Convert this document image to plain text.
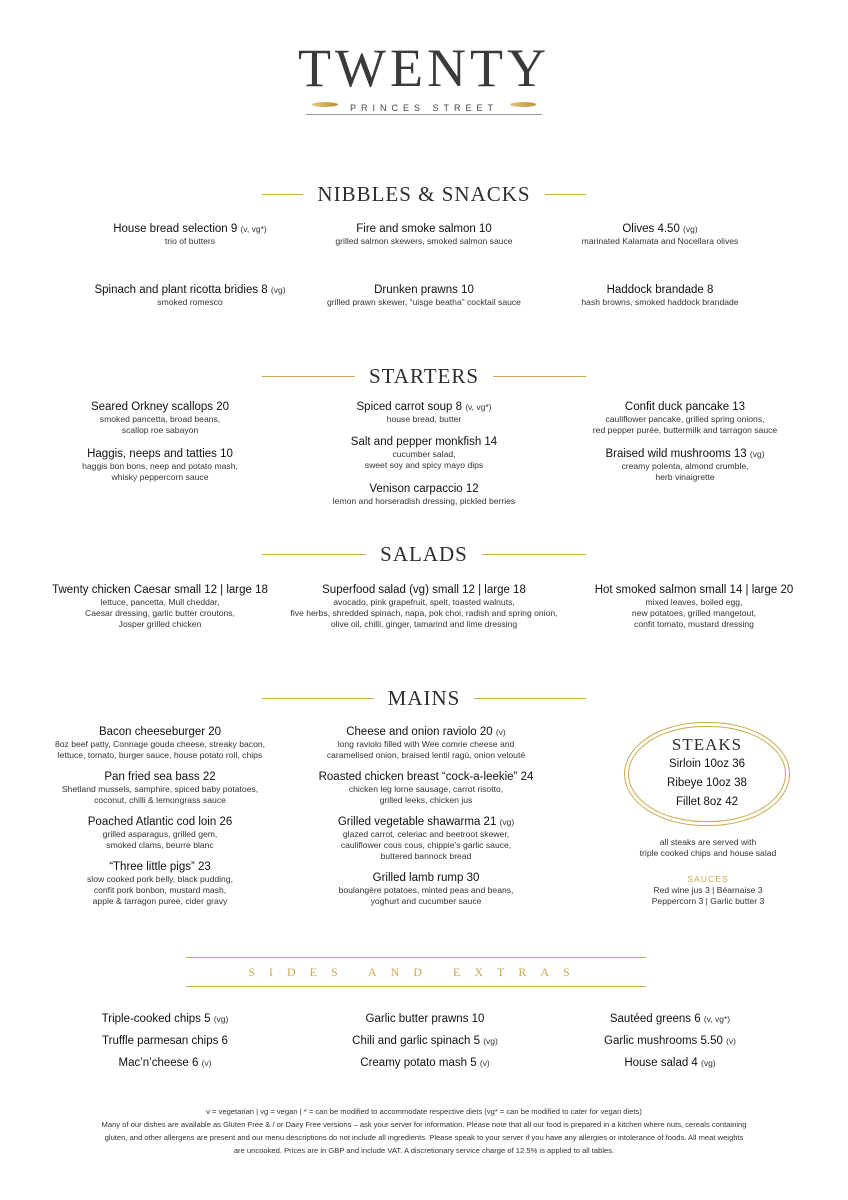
TWENTY
PRINCES STREET
NIBBLES & SNACKS
House bread selection 9 (v, vg*)
trio of butters
Fire and smoke salmon 10
grilled salmon skewers, smoked salmon sauce
Olives 4.50 (vg)
marinated Kalamata and Nocellara olives
Spinach and plant ricotta bridies 8 (vg)
smoked romesco
Drunken prawns 10
grilled prawn skewer, “uisge beatha” cocktail sauce
Haddock brandade 8
hash browns, smoked haddock brandade
STARTERS
Seared Orkney scallops 20
smoked pancetta, broad beans,
scallop roe sabayon
Haggis, neeps and tatties 10
haggis bon bons, neep and potato mash,
whisky peppercorn sauce
Spiced carrot soup 8 (v, vg*)
house bread, butter
Salt and pepper monkfish 14
cucumber salad,
sweet soy and spicy mayo dips
Venison carpaccio 12
lemon and horseradish dressing, pickled berries
Confit duck pancake 13
cauliflower pancake, grilled spring onions,
red pepper purée, buttermilk and tarragon sauce
Braised wild mushrooms 13 (vg)
creamy polenta, almond crumble,
herb vinaigrette
SALADS
Twenty chicken Caesar small 12 | large 18
lettuce, pancetta, Mull cheddar,
Caesar dressing, garlic butter croutons,
Josper grilled chicken
Superfood salad (vg) small 12 | large 18
avocado, pink grapefruit, spelt, toasted walnuts,
five herbs, shredded spinach, napa, pok choi, radish and spring onion,
olive oil, chilli, ginger, tamarind and lime dressing
Hot smoked salmon small 14 | large 20
mixed leaves, boiled egg,
new potatoes, grilled mangetout,
confit tomato, mustard dressing
MAINS
Bacon cheeseburger 20
8oz beef patty, Connage gouda cheese, streaky bacon,
lettuce, tomato, burger sauce, house potato roll, chips
Pan fried sea bass 22
Shetland mussels, samphire, spiced baby potatoes,
coconut, chilli & lemongrass sauce
Poached Atlantic cod loin 26
grilled asparagus, grilled gem,
smoked clams, beurre blanc
“Three little pigs” 23
slow cooked pork belly, black pudding,
confit pork bonbon, mustard mash,
apple & tarragon puree, cider gravy
Cheese and onion raviolo 20 (v)
long raviolo filled with Wee comrie cheese and
caramelised onion, braised lentil ragú, onion velouté
Roasted chicken breast “cock-a-leekie” 24
chicken leg lorne sausage, carrot risotto,
grilled leeks, chicken jus
Grilled vegetable shawarma 21 (vg)
glazed carrot, celeriac and beetroot skewer,
cauliflower cous cous, chippie’s garlic sauce,
buttered bannock bread
Grilled lamb rump 30
boulangère potatoes, minted peas and beans,
yoghurt and cucumber sauce
STEAKS
Sirloin 10oz 36
Ribeye 10oz 38
Fillet 8oz 42
all steaks are served with
triple cooked chips and house salad
SAUCES
Red wine jus 3 | Béarnaise 3
Peppercorn 3 | Garlic butter 3
SIDES AND EXTRAS
Triple-cooked chips 5 (vg)
Truffle parmesan chips 6
Mac’n’cheese 6 (v)
Garlic butter prawns 10
Chili and garlic spinach 5 (vg)
Creamy potato mash 5 (v)
Sautéed greens 6 (v, vg*)
Garlic mushrooms 5.50 (v)
House salad 4 (vg)
v = vegetarian | vg = vegan | * = can be modified to accommodate respective diets (vg* = can be modified to cater for vegan diets)
Many of our dishes are available as Gluten Free & / or Dairy Free versions – ask your server for information. Please note that all our food is prepared in a kitchen where nuts, cereals containing
gluten, and other allergens are present and our menu descriptions do not include all ingredients. Please speak to your server if you have any allergies or intolerance of foods. All meat weights
are uncooked. Prices are in GBP and include VAT. A discretionary service charge of 12.5% is applied to all tables.
